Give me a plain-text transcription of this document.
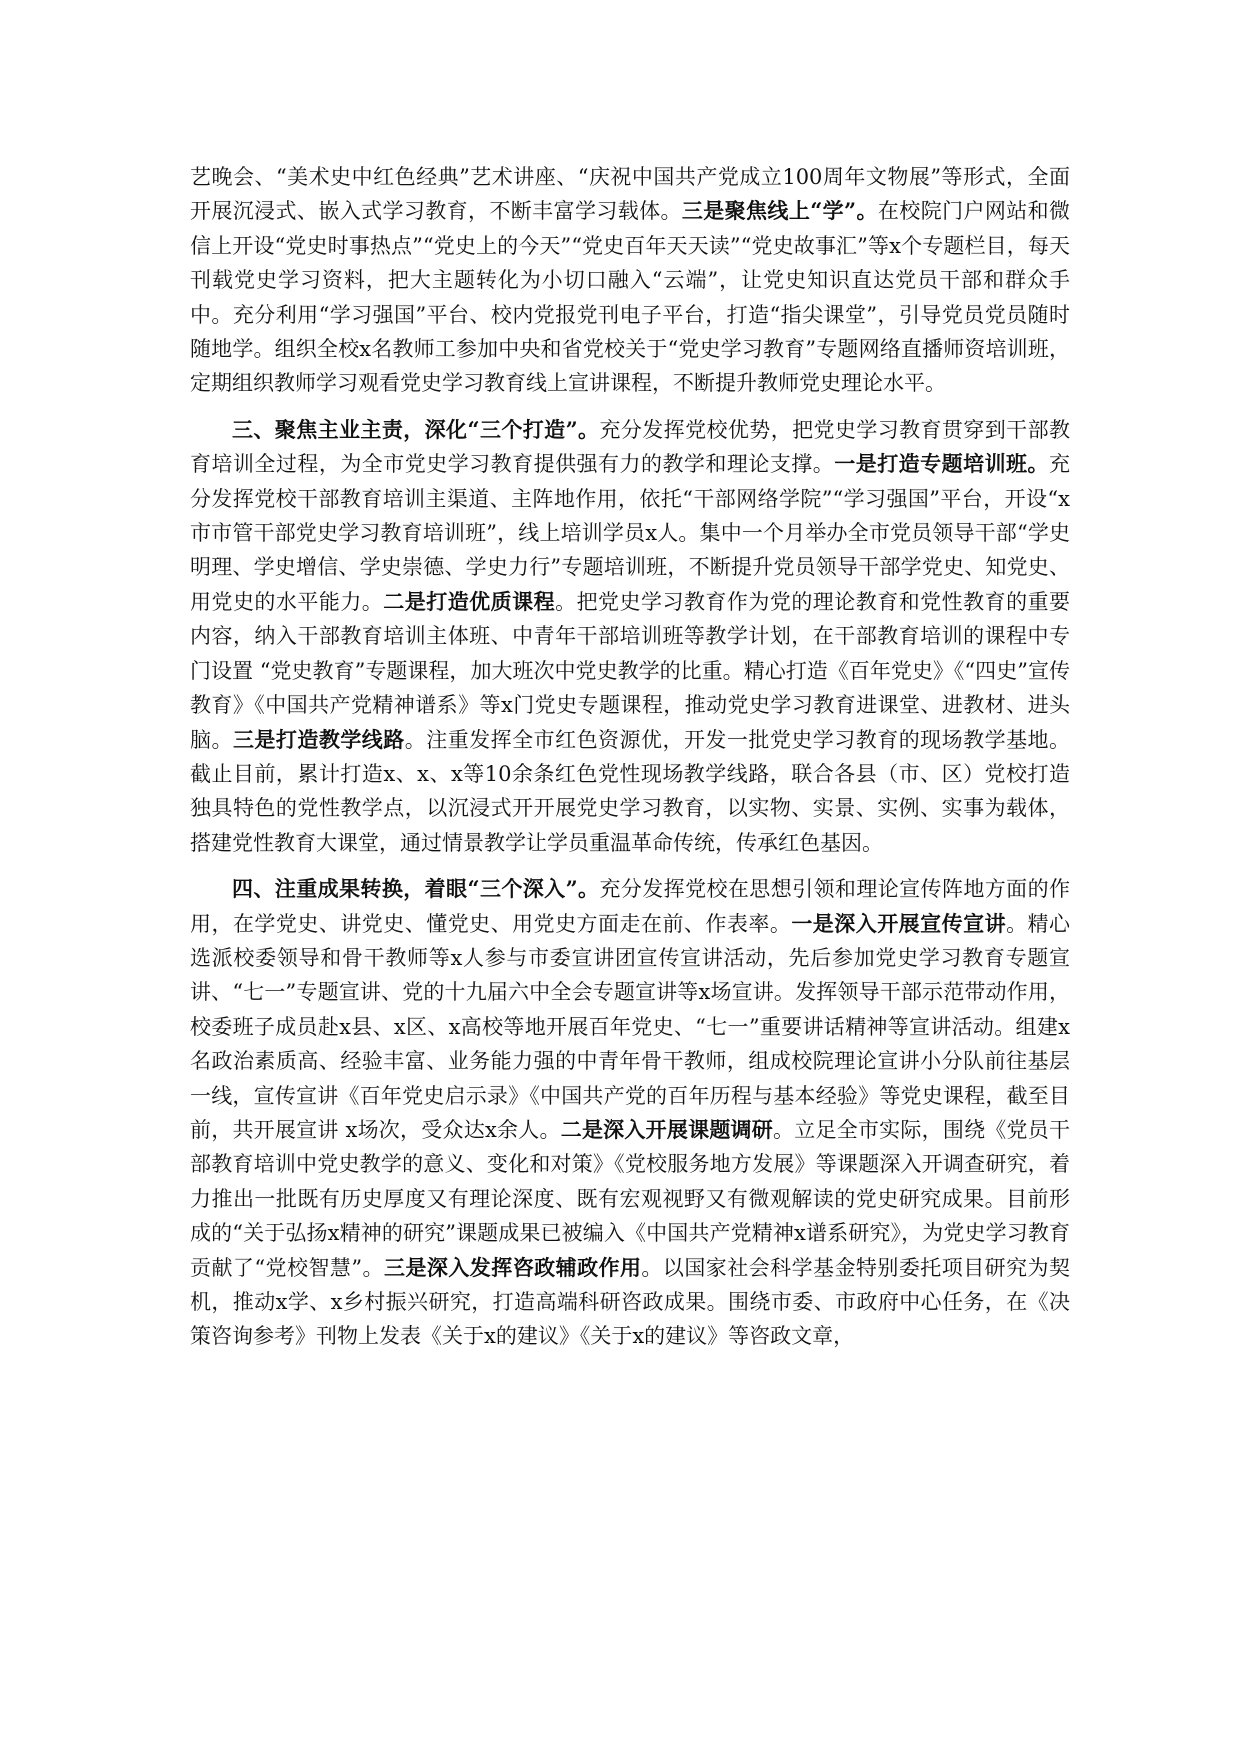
艺晚会、“美术史中红色经典”艺术讲座、“庆祝中国共产党成立100周年文物展”等形式，全面开展沉浸式、嵌入式学习教育，不断丰富学习载体。三是聚焦线上“学”。在校院门户网站和微信上开设“党史时事热点”“党史上的今天”“党史百年天天读”“党史故事汇”等x个专题栏目，每天刊载党史学习资料，把大主题转化为小切口融入“云端”，让党史知识直达党员干部和群众手中。充分利用“学习强国”平台、校内党报党刊电子平台，打造“指尖课堂”，引导党员党员随时随地学。组织全校x名教师工参加中央和省党校关于“党史学习教育”专题网络直播师资培训班，定期组织教师学习观看党史学习教育线上宣讲课程，不断提升教师党史理论水平。

三、聚焦主业主责，深化“三个打造”。充分发挥党校优势，把党史学习教育贯穿到干部教育培训全过程，为全市党史学习教育提供强有力的教学和理论支撑。一是打造专题培训班。充分发挥党校干部教育培训主渠道、主阵地作用，依托“干部网络学院”“学习强国”平台，开设“x市市管干部党史学习教育培训班”，线上培训学员x人。集中一个月举办全市党员领导干部“学史明理、学史增信、学史崇德、学史力行”专题培训班，不断提升党员领导干部学党史、知党史、用党史的水平能力。二是打造优质课程。把党史学习教育作为党的理论教育和党性教育的重要内容，纳入干部教育培训主体班、中青年干部培训班等教学计划，在干部教育培训的课程中专门设置 “党史教育”专题课程，加大班次中党史教学的比重。精心打造《百年党史》《“四史”宣传教育》《中国共产党精神谱系》等x门党史专题课程，推动党史学习教育进课堂、进教材、进头脑。三是打造教学线路。注重发挥全市红色资源优，开发一批党史学习教育的现场教学基地。截止目前，累计打造x、x、x等10余条红色党性现场教学线路，联合各县（市、区）党校打造独具特色的党性教学点，以沉浸式开开展党史学习教育，以实物、实景、实例、实事为载体，搭建党性教育大课堂，通过情景教学让学员重温革命传统，传承红色基因。

四、注重成果转换，着眼“三个深入”。充分发挥党校在思想引领和理论宣传阵地方面的作用，在学党史、讲党史、懂党史、用党史方面走在前、作表率。一是深入开展宣传宣讲。精心选派校委领导和骨干教师等x人参与市委宣讲团宣传宣讲活动，先后参加党史学习教育专题宣讲、“七一”专题宣讲、党的十九届六中全会专题宣讲等x场宣讲。发挥领导干部示范带动作用，校委班子成员赴x县、x区、x高校等地开展百年党史、“七一”重要讲话精神等宣讲活动。组建x名政治素质高、经验丰富、业务能力强的中青年骨干教师，组成校院理论宣讲小分队前往基层一线，宣传宣讲《百年党史启示录》《中国共产党的百年历程与基本经验》等党史课程，截至目前，共开展宣讲 x场次，受众达x余人。二是深入开展课题调研。立足全市实际，围绕《党员干部教育培训中党史教学的意义、变化和对策》《党校服务地方发展》等课题深入开调查研究，着力推出一批既有历史厚度又有理论深度、既有宏观视野又有微观解读的党史研究成果。目前形成的“关于弘扬x精神的研究”课题成果已被编入《中国共产党精神x谱系研究》，为党史学习教育贡献了“党校智慧”。三是深入发挥咨政辅政作用。以国家社会科学基金特别委托项目研究为契机，推动x学、x乡村振兴研究，打造高端科研咨政成果。围绕市委、市政府中心任务，在《决策咨询参考》刊物上发表《关于x的建议》《关于x的建议》等咨政文章，
